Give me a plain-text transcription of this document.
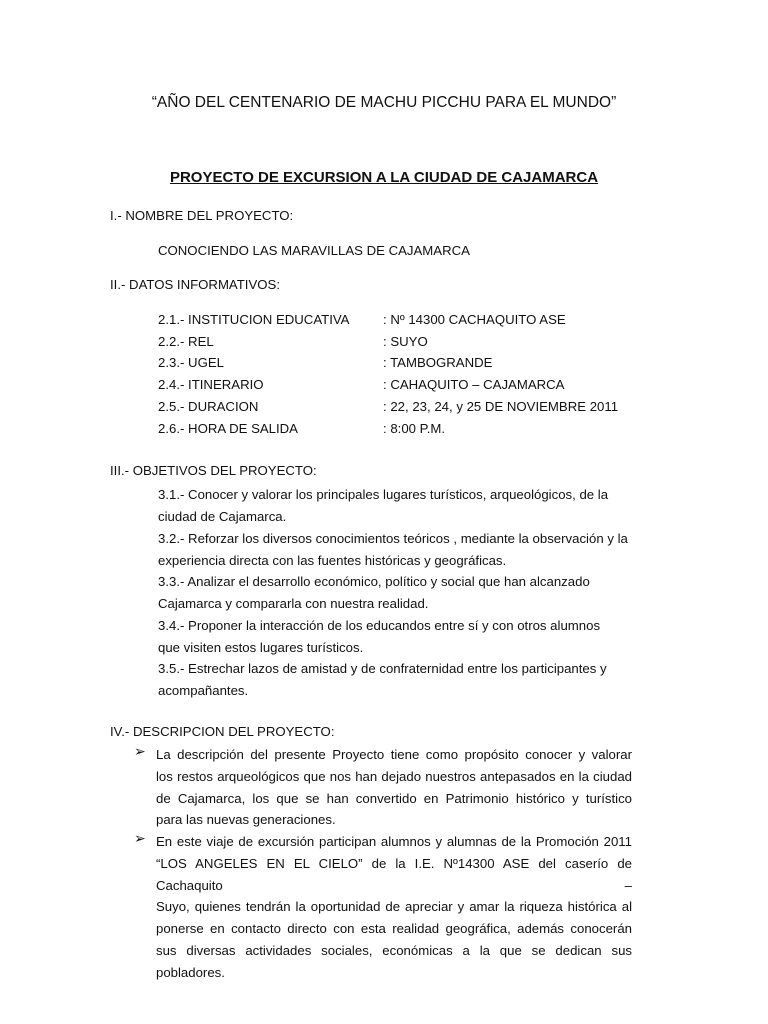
“AÑO DEL CENTENARIO DE MACHU PICCHU PARA EL MUNDO”
PROYECTO DE EXCURSION A LA CIUDAD DE CAJAMARCA
I.- NOMBRE DEL PROYECTO:
CONOCIENDO LAS MARAVILLAS DE CAJAMARCA
II.- DATOS INFORMATIVOS:
2.1.- INSTITUCION EDUCATIVA	: Nº 14300 CACHAQUITO ASE
2.2.- REL	: SUYO
2.3.- UGEL	: TAMBOGRANDE
2.4.- ITINERARIO	: CAHAQUITO – CAJAMARCA
2.5.- DURACION	: 22, 23, 24, y 25 DE NOVIEMBRE 2011
2.6.- HORA DE SALIDA	: 8:00 P.M.
III.- OBJETIVOS DEL PROYECTO:
3.1.- Conocer y valorar los principales lugares turísticos, arqueológicos, de la
ciudad de Cajamarca.
3.2.- Reforzar los diversos conocimientos teóricos , mediante la observación y la
experiencia directa con las fuentes históricas y geográficas.
3.3.- Analizar el desarrollo económico, político y social que han alcanzado
Cajamarca y compararla con nuestra realidad.
3.4.- Proponer la interacción de los educandos entre sí y con otros alumnos
que visiten estos lugares turísticos.
3.5.- Estrechar lazos de amistad y de confraternidad entre los participantes y
acompañantes.
IV.- DESCRIPCION DEL PROYECTO:
➢ La descripción del presente Proyecto tiene como propósito conocer y valorar
los restos arqueológicos que nos han dejado nuestros antepasados en la ciudad
de Cajamarca, los que se han convertido en Patrimonio histórico y turístico
para las nuevas generaciones.
➢ En este viaje de excursión participan alumnos y alumnas de la Promoción 2011
“LOS ANGELES EN EL CIELO” de la I.E. Nº14300 ASE del caserío de Cachaquito –
Suyo, quienes tendrán la oportunidad de apreciar y amar la riqueza histórica al
ponerse en contacto directo con esta realidad geográfica, además conocerán
sus diversas actividades sociales, económicas a la que se dedican sus
pobladores.
